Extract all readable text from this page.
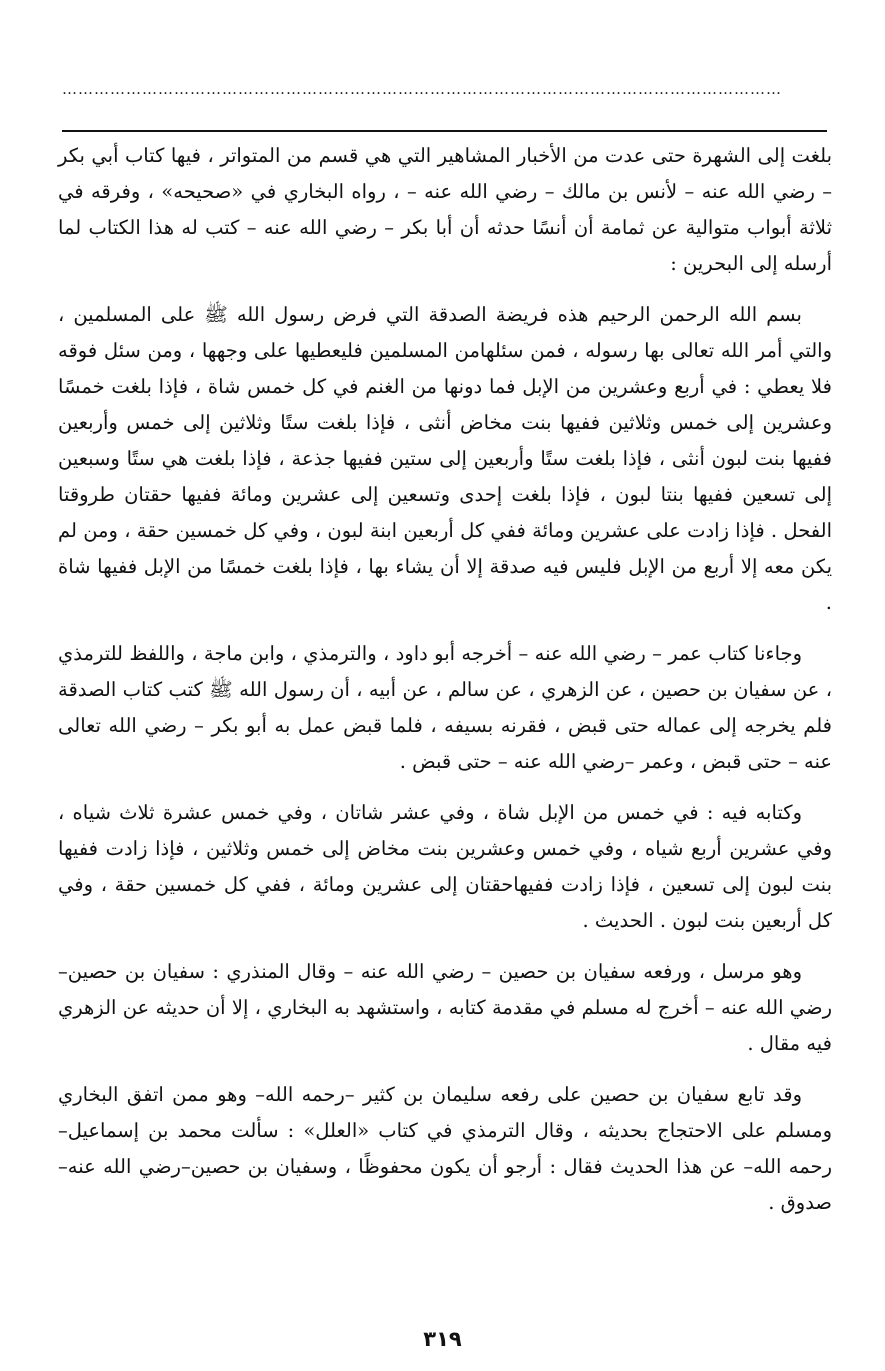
………………………………………………………………………………………………………………………

بلغت إلى الشهرة حتى عدت من الأخبار المشاهير التي هي قسم من المتواتر ، فيها كتاب أبي بكر – رضي الله عنه – لأنس بن مالك – رضي الله عنه – ، رواه البخاري في «صحيحه» ، وفرقه في ثلاثة أبواب متوالية عن ثمامة أن أنسًا حدثه أن أبا بكر – رضي الله عنه – كتب له هذا الكتاب لما أرسله إلى البحرين :

بسم الله الرحمن الرحيم هذه فريضة الصدقة التي فرض رسول الله ﷺ على المسلمين ، والتي أمر الله تعالى بها رسوله ، فمن سئلهامن المسلمين فليعطيها على وجهها ، ومن سئل فوقه فلا يعطي : في أربع وعشرين من الإبل فما دونها من الغنم في كل خمس شاة ، فإذا بلغت خمسًا وعشرين إلى خمس وثلاثين ففيها بنت مخاض أنثى ، فإذا بلغت ستًا وثلاثين إلى خمس وأربعين ففيها بنت لبون أنثى ، فإذا بلغت ستًا وأربعين إلى ستين ففيها جذعة ، فإذا بلغت هي ستًا وسبعين إلى تسعين ففيها بنتا لبون ، فإذا بلغت إحدى وتسعين إلى عشرين ومائة ففيها حقتان طروقتا الفحل . فإذا زادت على عشرين ومائة ففي كل أربعين ابنة لبون ، وفي كل خمسين حقة ، ومن لم يكن معه إلا أربع من الإبل فليس فيه صدقة إلا أن يشاء بها ، فإذا بلغت خمسًا من الإبل ففيها شاة .

وجاءنا كتاب عمر – رضي الله عنه – أخرجه أبو داود ، والترمذي ، وابن ماجة ، واللفظ للترمذي ، عن سفيان بن حصين ، عن الزهري ، عن سالم ، عن أبيه ، أن رسول الله ﷺ كتب كتاب الصدقة فلم يخرجه إلى عماله حتى قبض ، فقرنه بسيفه ، فلما قبض عمل به أبو بكر – رضي الله تعالى عنه – حتى قبض ، وعمر –رضي الله عنه – حتى قبض .

وكتابه فيه : في خمس من الإبل شاة ، وفي عشر شاتان ، وفي خمس عشرة ثلاث شياه ، وفي عشرين أربع شياه ، وفي خمس وعشرين بنت مخاض إلى خمس وثلاثين ، فإذا زادت ففيها بنت لبون إلى تسعين ، فإذا زادت ففيهاحقتان إلى عشرين ومائة ، ففي كل خمسين حقة ، وفي كل أربعين بنت لبون . الحديث .

وهو مرسل ، ورفعه سفيان بن حصين – رضي الله عنه – وقال المنذري : سفيان بن حصين– رضي الله عنه – أخرج له مسلم في مقدمة كتابه ، واستشهد به البخاري ، إلا أن حديثه عن الزهري فيه مقال .

وقد تابع سفيان بن حصين على رفعه سليمان بن كثير –رحمه الله– وهو ممن اتفق البخاري ومسلم على الاحتجاج بحديثه ، وقال الترمذي في كتاب «العلل» : سألت محمد بن إسماعيل–رحمه الله– عن هذا الحديث فقال : أرجو أن يكون محفوظًا ، وسفيان بن حصين–رضي الله عنه– صدوق .

٣١٩
